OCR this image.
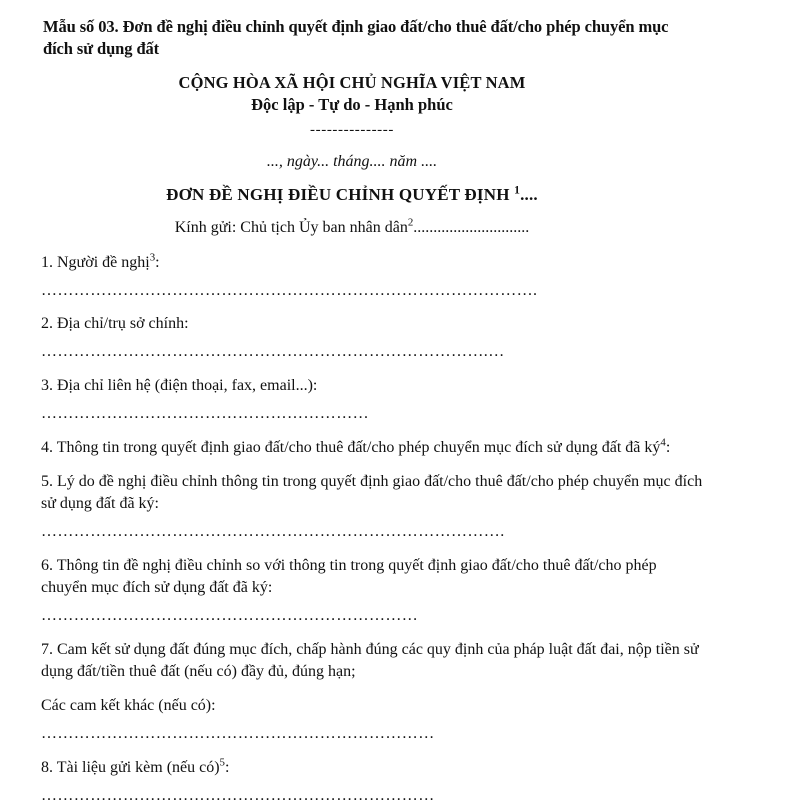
Mẫu số 03. Đơn đề nghị điều chỉnh quyết định giao đất/cho thuê đất/cho phép chuyển mục đích sử dụng đất
CỘNG HÒA XÃ HỘI CHỦ NGHĨA VIỆT NAM
Độc lập - Tự do - Hạnh phúc
---------------
..., ngày... tháng.... năm ....
ĐƠN ĐỀ NGHỊ ĐIỀU CHỈNH QUYẾT ĐỊNH $^1$....
Kính gửi: Chủ tịch Ủy ban nhân dân$^2$.............................
1. Người đề nghị$^3$:
……………………………………………………………………………….
2. Địa chỉ/trụ sở chính:
……………………………………………………………………….…
3. Địa chỉ liên hệ (điện thoại, fax, email...):
……………………………………………………
4. Thông tin trong quyết định giao đất/cho thuê đất/cho phép chuyển mục đích sử dụng đất đã $ký^4$:
5. Lý do đề nghị điều chỉnh thông tin trong quyết định giao đất/cho thuê đất/cho phép chuyển mục đích sử dụng đất đã ký:
………………………………………………………………………….
6. Thông tin đề nghị điều chỉnh so với thông tin trong quyết định giao đất/cho thuê đất/cho phép chuyển mục đích sử dụng đất đã ký:
……………………………………………………………
7. Cam kết sử dụng đất đúng mục đích, chấp hành đúng các quy định của pháp luật đất đai, nộp tiền sử dụng đất/tiền thuê đất (nếu có) đầy đủ, đúng hạn;
Các cam kết khác (nếu có):
………………………………………………………………
8. Tài liệu gửi kèm (nếu có)$^5$:
………………………………………………………………
